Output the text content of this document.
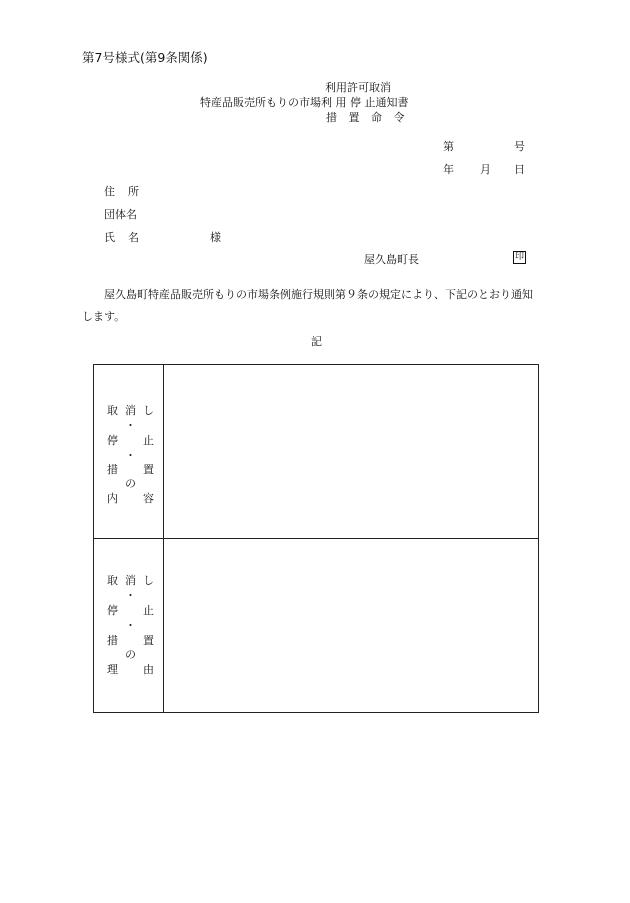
第7号様式(第9条関係)
利用許可取消
特産品販売所もりの市場利 用 停 止通知書
措 置 命 令
第	号
年 月 日
住所
団体名
氏名	様
屋久島町長	印
屋久島町特産品販売所もりの市場条例施行規則第９条の規定により、下記のとおり通知します。
記
取 消 し
・
停 止
・
措 置
の
内 容
取 消 し
・
停 止
・
措 置
の
理 由
